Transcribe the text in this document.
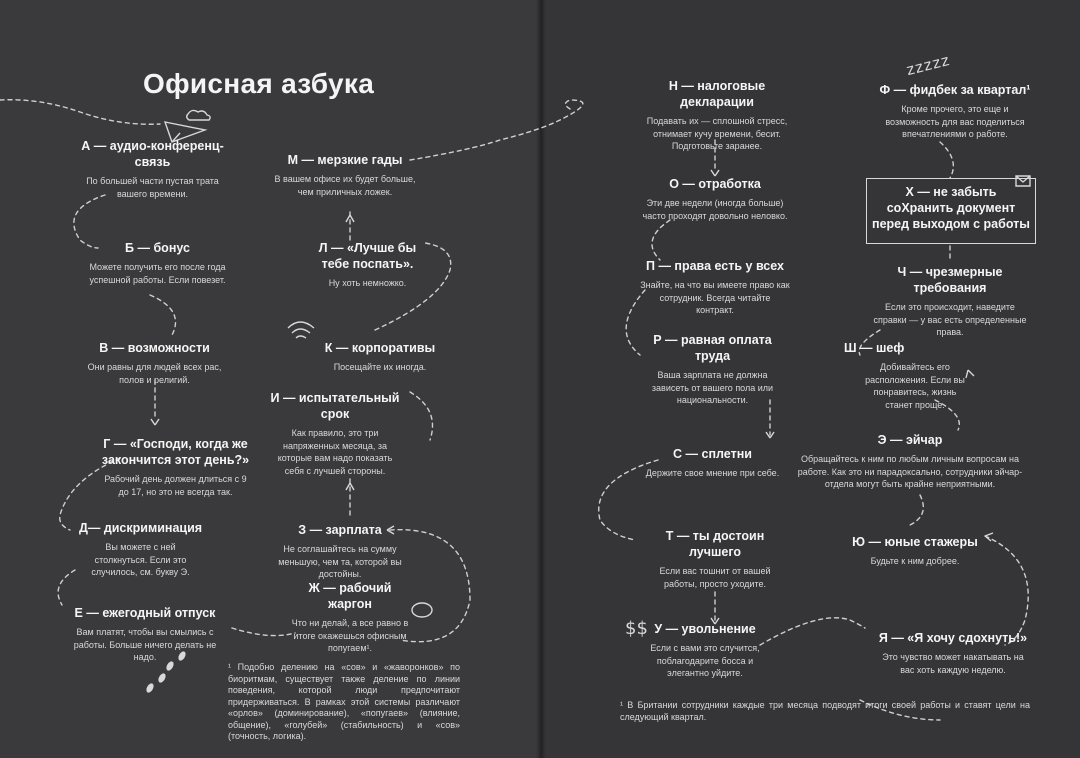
$$
Офисная азбука
А — аудио-конференц-связь
По большей части пустая трата вашего времени.
Б — бонус
Можете получить его после года успешной работы. Если повезет.
В — возможности
Они равны для людей всех рас, полов и религий.
Г — «Господи, когда же закончится этот день?»
Рабочий день должен длиться с 9 до 17, но это не всегда так.
Д— дискриминация
Вы можете с ней столкнуться. Если это случилось, см. букву Э.
Е — ежегодный отпуск
Вам платят, чтобы вы смылись с работы. Больше ничего делать не надо.
Ж — рабочий жаргон
Что ни делай, а все равно в итоге окажешься офисным попугаем¹.
З — зарплата
Не соглашайтесь на сумму меньшую, чем та, которой вы достойны.
И — испытательный срок
Как правило, это три напряженных месяца, за которые вам надо показать себя с лучшей стороны.
К — корпоративы
Посещайте их иногда.
Л — «Лучше бы тебе поспать».
Ну хоть немножко.
М — мерзкие гады
В вашем офисе их будет больше, чем приличных ложек.
¹ Подобно делению на «сов» и «жаворонков» по биоритмам, существует также деление по линии поведения, которой люди предпочитают придерживаться. В рамках этой системы различают «орлов» (доминирование), «попугаев» (влияние, общение), «голубей» (стабильность) и «сов» (точность, логика).
Н — налоговые декларации
Подавать их — сплошной стресс, отнимает кучу времени, бесит. Подготовьте заранее.
О — отработка
Эти две недели (иногда больше) часто проходят довольно неловко.
П — права есть у всех
Знайте, на что вы имеете право как сотрудник. Всегда читайте контракт.
Р — равная оплата труда
Ваша зарплата не должна зависеть от вашего пола или национальности.
С — сплетни
Держите свое мнение при себе.
Т — ты достоин лучшего
Если вас тошнит от вашей работы, просто уходите.
У — увольнение
Если с вами это случится, поблагодарите босса и элегантно уйдите.
Ф — фидбек за квартал¹
Кроме прочего, это еще и возможность для вас поделиться впечатлениями о работе.
Х — не забыть соХранить документ перед выходом с работы
Ч — чрезмерные требования
Если это происходит, наведите справки — у вас есть определенные права.
Ш — шеф
Добивайтесь его расположения. Если вы понравитесь, жизнь станет проще.
Э — эйчар
Обращайтесь к ним по любым личным вопросам на работе. Как это ни парадоксально, сотрудники эйчар-отдела могут быть крайне неприятными.
Ю — юные стажеры
Будьте к ним добрее.
Я — «Я хочу сдохнуть!»
Это чувство может накатывать на вас хоть каждую неделю.
zzzzz
¹ В Британии сотрудники каждые три месяца подводят итоги своей работы и ставят цели на следующий квартал.
